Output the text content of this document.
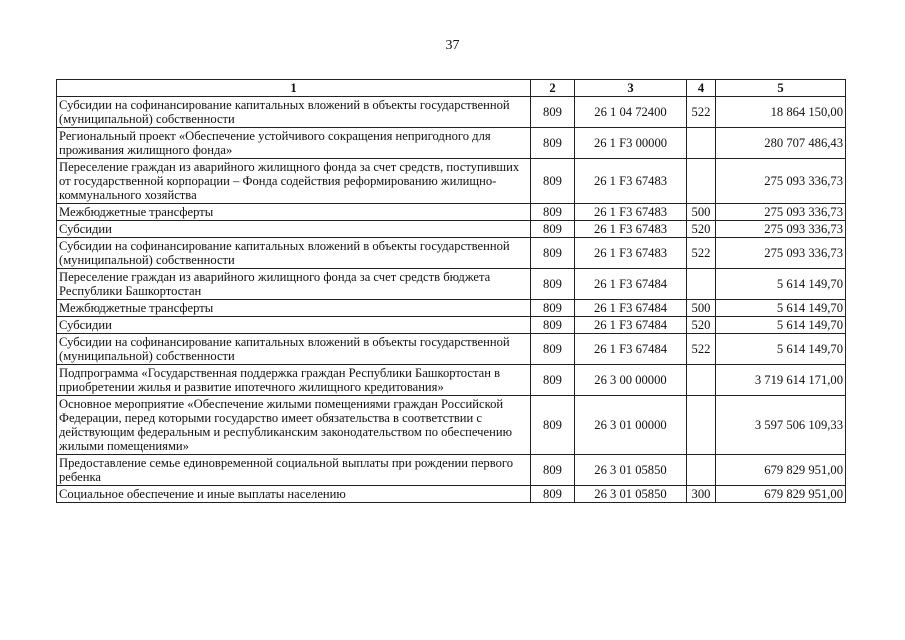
37
1	2	3	4	5
Субсидии на софинансирование капитальных вложений в объекты государственной (муниципальной) собственности	809	26 1 04 72400	522	18 864 150,00
Региональный проект «Обеспечение устойчивого сокращения непригодного для проживания жилищного фонда»	809	26 1 F3 00000		280 707 486,43
Переселение граждан из аварийного жилищного фонда за счет средств, поступивших от государственной корпорации – Фонда содействия реформированию жилищно-коммунального хозяйства	809	26 1 F3 67483		275 093 336,73
Межбюджетные трансферты	809	26 1 F3 67483	500	275 093 336,73
Субсидии	809	26 1 F3 67483	520	275 093 336,73
Субсидии на софинансирование капитальных вложений в объекты государственной (муниципальной) собственности	809	26 1 F3 67483	522	275 093 336,73
Переселение граждан из аварийного жилищного фонда за счет средств бюджета Республики Башкортостан	809	26 1 F3 67484		5 614 149,70
Межбюджетные трансферты	809	26 1 F3 67484	500	5 614 149,70
Субсидии	809	26 1 F3 67484	520	5 614 149,70
Субсидии на софинансирование капитальных вложений в объекты государственной (муниципальной) собственности	809	26 1 F3 67484	522	5 614 149,70
Подпрограмма «Государственная поддержка граждан Республики Башкортостан в приобретении жилья и развитие ипотечного жилищного кредитования»	809	26 3 00 00000		3 719 614 171,00
Основное мероприятие «Обеспечение жилыми помещениями граждан Российской Федерации, перед которыми государство имеет обязательства в соответствии с действующим федеральным и республиканским законодательством по обеспечению жилыми помещениями»	809	26 3 01 00000		3 597 506 109,33
Предоставление семье единовременной социальной выплаты при рождении первого ребенка	809	26 3 01 05850		679 829 951,00
Социальное обеспечение и иные выплаты населению	809	26 3 01 05850	300	679 829 951,00
